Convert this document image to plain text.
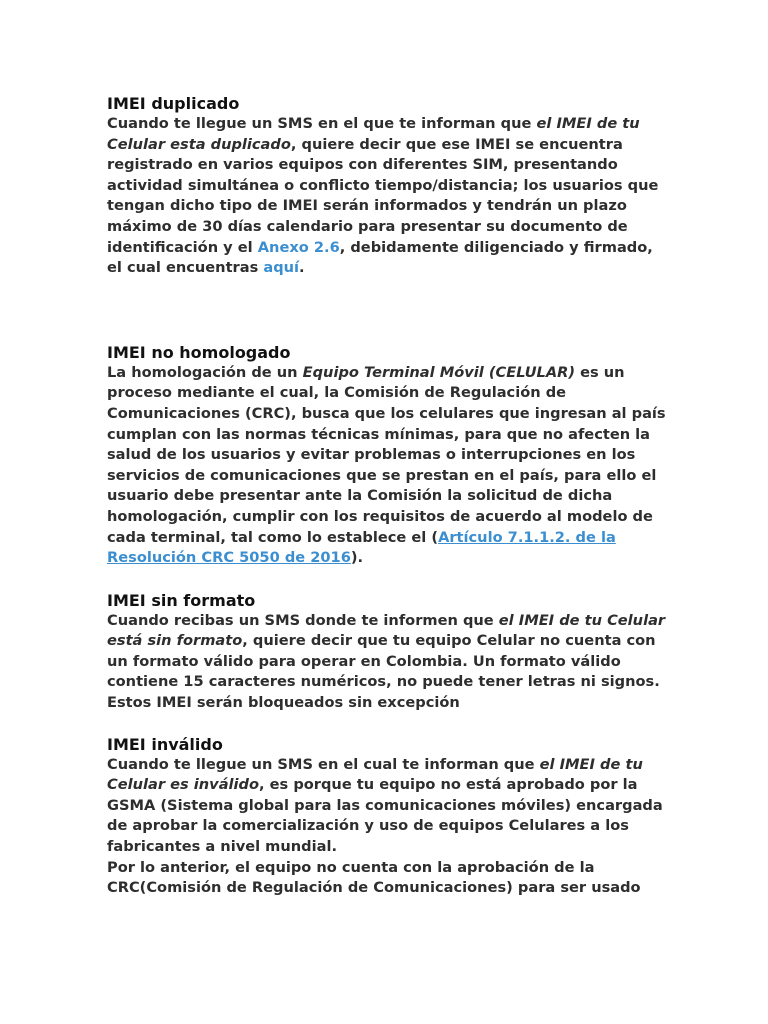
IMEI duplicado

Cuando te llegue un SMS en el que te informan que el IMEI de tu Celular esta duplicado, quiere decir que ese IMEI se encuentra registrado en varios equipos con diferentes SIM, presentando actividad simultánea o conflicto tiempo/distancia; los usuarios que tengan dicho tipo de IMEI serán informados y tendrán un plazo máximo de 30 días calendario para presentar su documento de identificación y el Anexo 2.6, debidamente diligenciado y firmado, el cual encuentras aquí.

IMEI no homologado

La homologación de un Equipo Terminal Móvil (CELULAR) es un proceso mediante el cual, la Comisión de Regulación de Comunicaciones (CRC), busca que los celulares que ingresan al país cumplan con las normas técnicas mínimas, para que no afecten la salud de los usuarios y evitar problemas o interrupciones en los servicios de comunicaciones que se prestan en el país, para ello el usuario debe presentar ante la Comisión la solicitud de dicha homologación, cumplir con los requisitos de acuerdo al modelo de cada terminal, tal como lo establece el (Artículo 7.1.1.2. de la Resolución CRC 5050 de 2016).

IMEI sin formato

Cuando recibas un SMS donde te informen que el IMEI de tu Celular está sin formato, quiere decir que tu equipo Celular no cuenta con un formato válido para operar en Colombia. Un formato válido contiene 15 caracteres numéricos, no puede tener letras ni signos. Estos IMEI serán bloqueados sin excepción

IMEI inválido

Cuando te llegue un SMS en el cual te informan que el IMEI de tu Celular es inválido, es porque tu equipo no está aprobado por la GSMA (Sistema global para las comunicaciones móviles) encargada de aprobar la comercialización y uso de equipos Celulares a los fabricantes a nivel mundial.

Por lo anterior, el equipo no cuenta con la aprobación de la CRC(Comisión de Regulación de Comunicaciones) para ser usado
